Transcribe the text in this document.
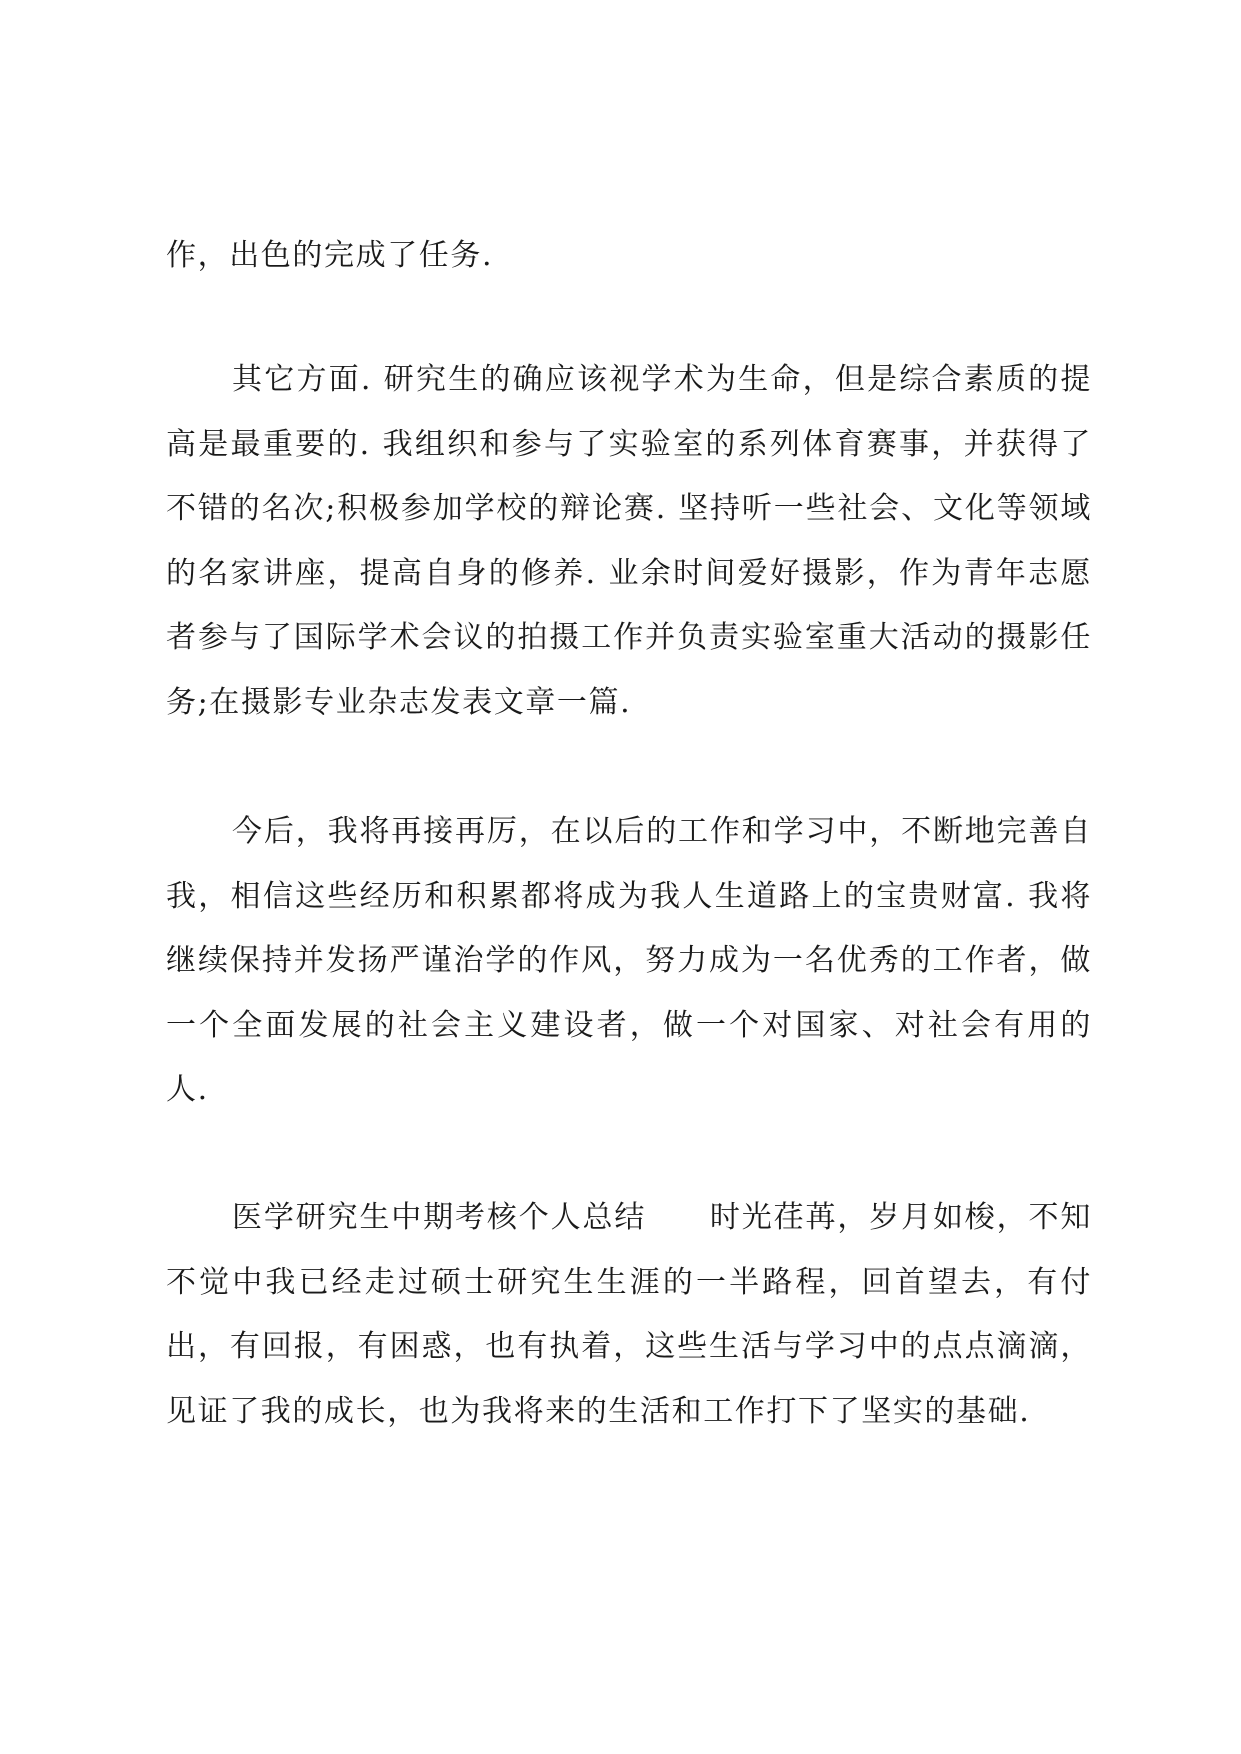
作，出色的完成了任务.

其它方面. 研究生的确应该视学术为生命，但是综合素质的提高是最重要的. 我组织和参与了实验室的系列体育赛事，并获得了不错的名次;积极参加学校的辩论赛. 坚持听一些社会、文化等领域的名家讲座，提高自身的修养. 业余时间爱好摄影，作为青年志愿者参与了国际学术会议的拍摄工作并负责实验室重大活动的摄影任务;在摄影专业杂志发表文章一篇.

今后，我将再接再厉，在以后的工作和学习中，不断地完善自我，相信这些经历和积累都将成为我人生道路上的宝贵财富. 我将继续保持并发扬严谨治学的作风，努力成为一名优秀的工作者，做一个全面发展的社会主义建设者，做一个对国家、对社会有用的人.

医学研究生中期考核个人总结　　时光荏苒，岁月如梭，不知不觉中我已经走过硕士研究生生涯的一半路程，回首望去，有付出，有回报，有困惑，也有执着，这些生活与学习中的点点滴滴，见证了我的成长，也为我将来的生活和工作打下了坚实的基础.
